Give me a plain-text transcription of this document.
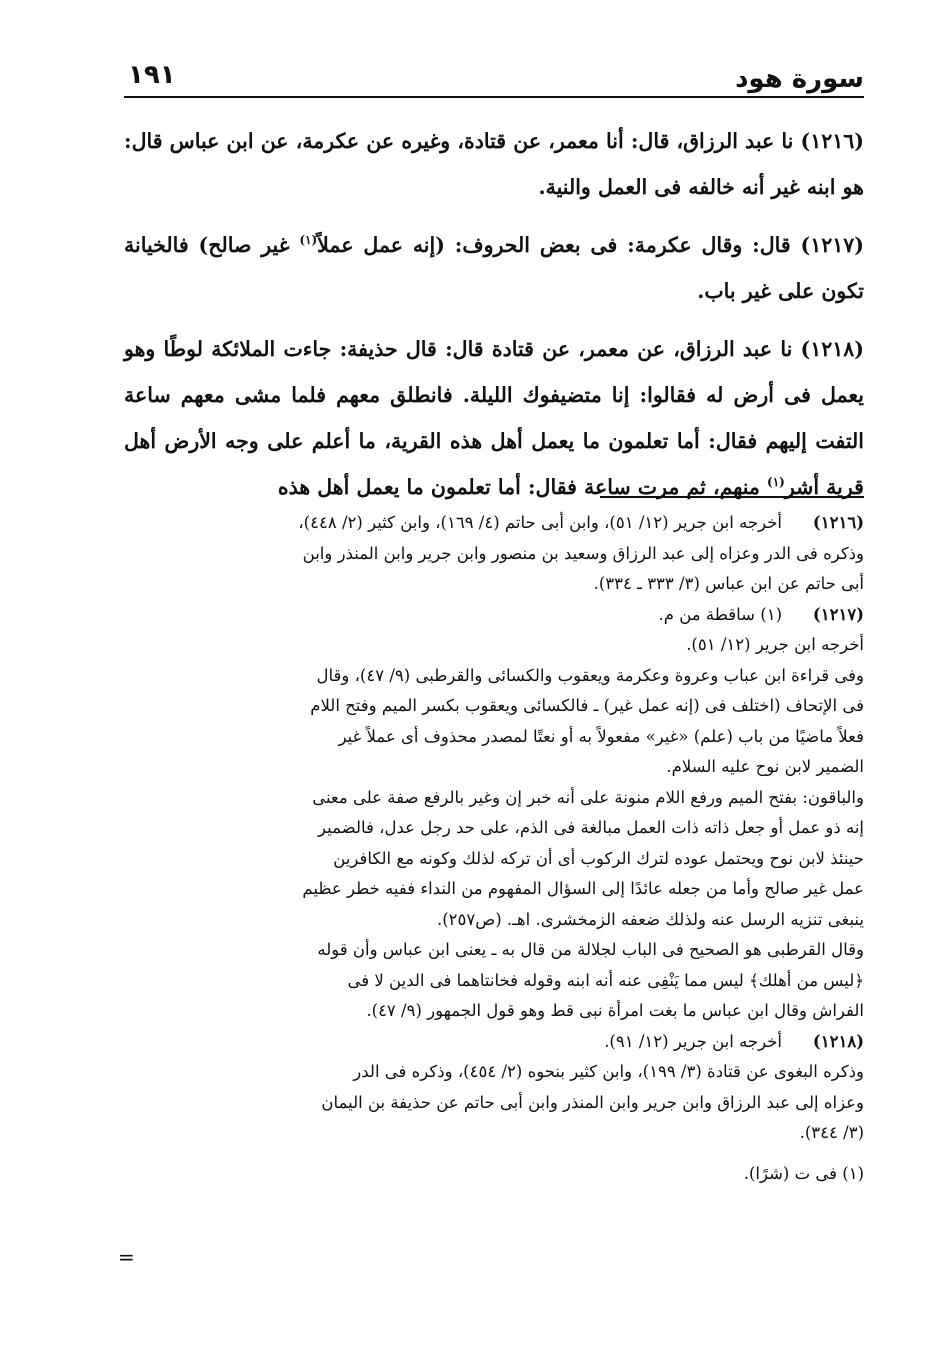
سورة هود
١٩١

(١٢١٦) نا عبد الرزاق، قال: أنا معمر، عن قتادة، وغيره عن عكرمة، عن ابن عباس قال: هو ابنه غير أنه خالفه فى العمل والنية.

(١٢١٧) قال: وقال عكرمة: فى بعض الحروف: (إنه عمل عملاً$^{(١)}$ غير صالح) فالخيانة تكون على غير باب.

(١٢١٨) نا عبد الرزاق، عن معمر، عن قتادة قال: قال حذيفة: جاءت الملائكة لوطًا وهو يعمل فى أرض له فقالوا: إنا متضيفوك الليلة. فانطلق معهم فلما مشى معهم ساعة التفت إليهم فقال: أما تعلمون ما يعمل أهل هذه القرية، ما أعلم على وجه الأرض أهل قرية أشر$^{(١)}$ منهم، ثم مرت ساعة فقال: أما تعلمون ما يعمل أهل هذه

(١٢١٦)
أخرجه ابن جرير (١٢/ ٥١)، وابن أبى حاتم (٤/ ١٦٩)، وابن كثير (٢/ ٤٤٨)،
وذكره فى الدر وعزاه إلى عبد الرزاق وسعيد بن منصور وابن جرير وابن المنذر وابن
أبى حاتم عن ابن عباس (٣/ ٣٣٣ ـ ٣٣٤).
(١٢١٧)
(١) ساقطة من م.
أخرجه ابن جرير (١٢/ ٥١).
وفى قراءة ابن عباب وعروة وعكرمة ويعقوب والكسائى والقرطبى (٩/ ٤٧)، وقال
فى الإتحاف (اختلف فى (إنه عمل غير) ـ فالكسائى ويعقوب بكسر الميم وفتح اللام
فعلاً ماضيًا من باب (علم) «غير» مفعولاً به أو نعتًا لمصدر محذوف أى عملاً غير
الضمير لابن نوح عليه السلام.
والباقون: بفتح الميم ورفع اللام منونة على أنه خبر إن وغير بالرفع صفة على معنى
إنه ذو عمل أو جعل ذاته ذات العمل مبالغة فى الذم، على حد رجل عدل، فالضمير
حينئذ لابن نوح ويحتمل عوده لترك الركوب أى أن تركه لذلك وكونه مع الكافرين
عمل غير صالح وأما من جعله عائدًا إلى السؤال المفهوم من النداء ففيه خطر عظيم
ينبغى تنزيه الرسل عنه ولذلك ضعفه الزمخشرى. اهـ. (ص٢٥٧).
وقال القرطبى هو الصحيح فى الباب لجلالة من قال به ـ يعنى ابن عباس وأن قوله
﴿ليس من أهلك﴾ ليس مما يَنْفِى عنه أنه ابنه وقوله فخانتاهما فى الدين لا فى
الفراش وقال ابن عباس ما بغت امرأة نبى قط وهو قول الجمهور (٩/ ٤٧).
(١٢١٨)
أخرجه ابن جرير (١٢/ ٩١).
وذكره البغوى عن قتادة (٣/ ١٩٩)، وابن كثير بنحوه (٢/ ٤٥٤)، وذكره فى الدر
وعزاه إلى عبد الرزاق وابن جرير وابن المنذر وابن أبى حاتم عن حذيفة بن اليمان
(٣/ ٣٤٤).
(١) فى ت (شرًا).
=
